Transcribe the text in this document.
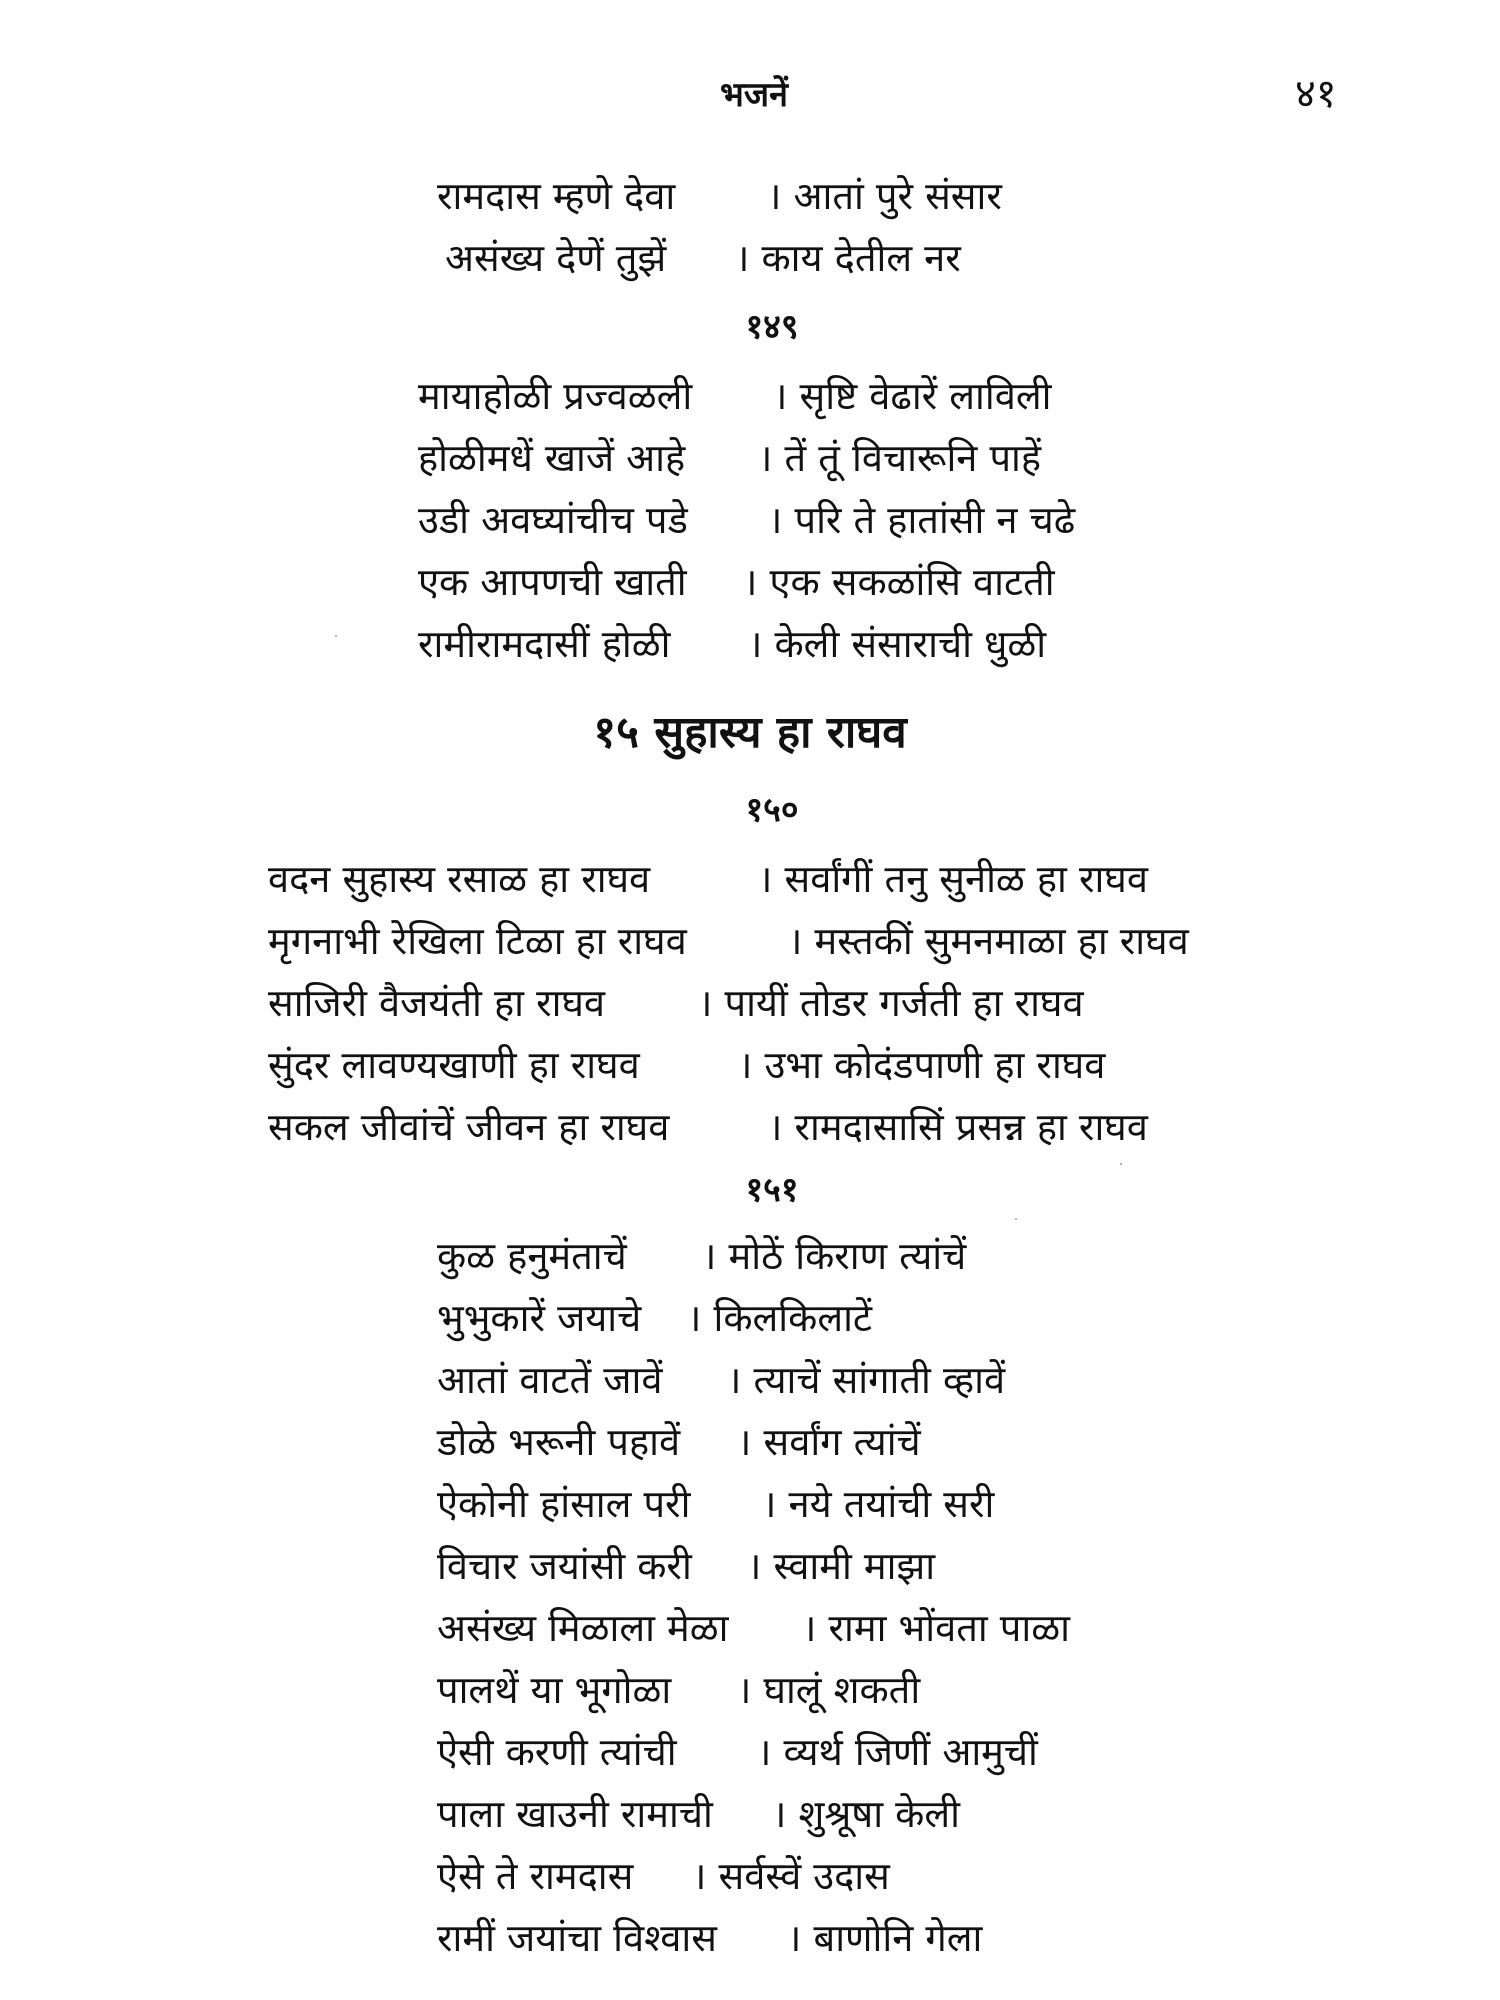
भजनें	४१
रामदास म्हणे देवा । आतां पुरे संसार
असंख्य देणें तुझें । काय देतील नर
१४९
मायाहोळी प्रज्वळली । सृष्टि वेढारें लाविली
होळीमधें खाजें आहे । तें तूं विचारूनि पाहें
उडी अवघ्यांचीच पडे । परि ते हातांसी न चढे
एक आपणची खाती । एक सकळांसि वाटती
रामीरामदासीं होळी । केली संसाराची धुळी
१५ सुहास्य हा राघव
१५०
वदन सुहास्य रसाळ हा राघव	। सर्वांगीं तनु सुनीळ हा राघव
मृगनाभी रेखिला टिळा हा राघव	। मस्तकीं सुमनमाळा हा राघव
साजिरी वैजयंती हा राघव । पायीं तोडर गर्जती हा राघव
सुंदर लावण्यखाणी हा राघव	। उभा कोदंडपाणी हा राघव
सकल जीवांचें जीवन हा राघव	। रामदासासिं प्रसन्न हा राघव
१५१
कुळ हनुमंताचें । मोठें किराण त्यांचें
भुभुकारें जयाचे । किलकिलाटें
आतां वाटतें जावें । त्याचें सांगाती व्हावें
डोळे भरूनी पहावें । सर्वांग त्यांचें
ऐकोनी हांसाल परी । नये तयांची सरी
विचार जयांसी करी । स्वामी माझा
असंख्य मिळाला मेळा । रामा भोंवता पाळा
पालथें या भूगोळा । घालूं शकती
ऐसी करणी त्यांची । व्यर्थ जिणीं आमुचीं
पाला खाउनी रामाची । शुश्रूषा केली
ऐसे ते रामदास । सर्वस्वें उदास
रामीं जयांचा विश्वास । बाणोनि गेला
